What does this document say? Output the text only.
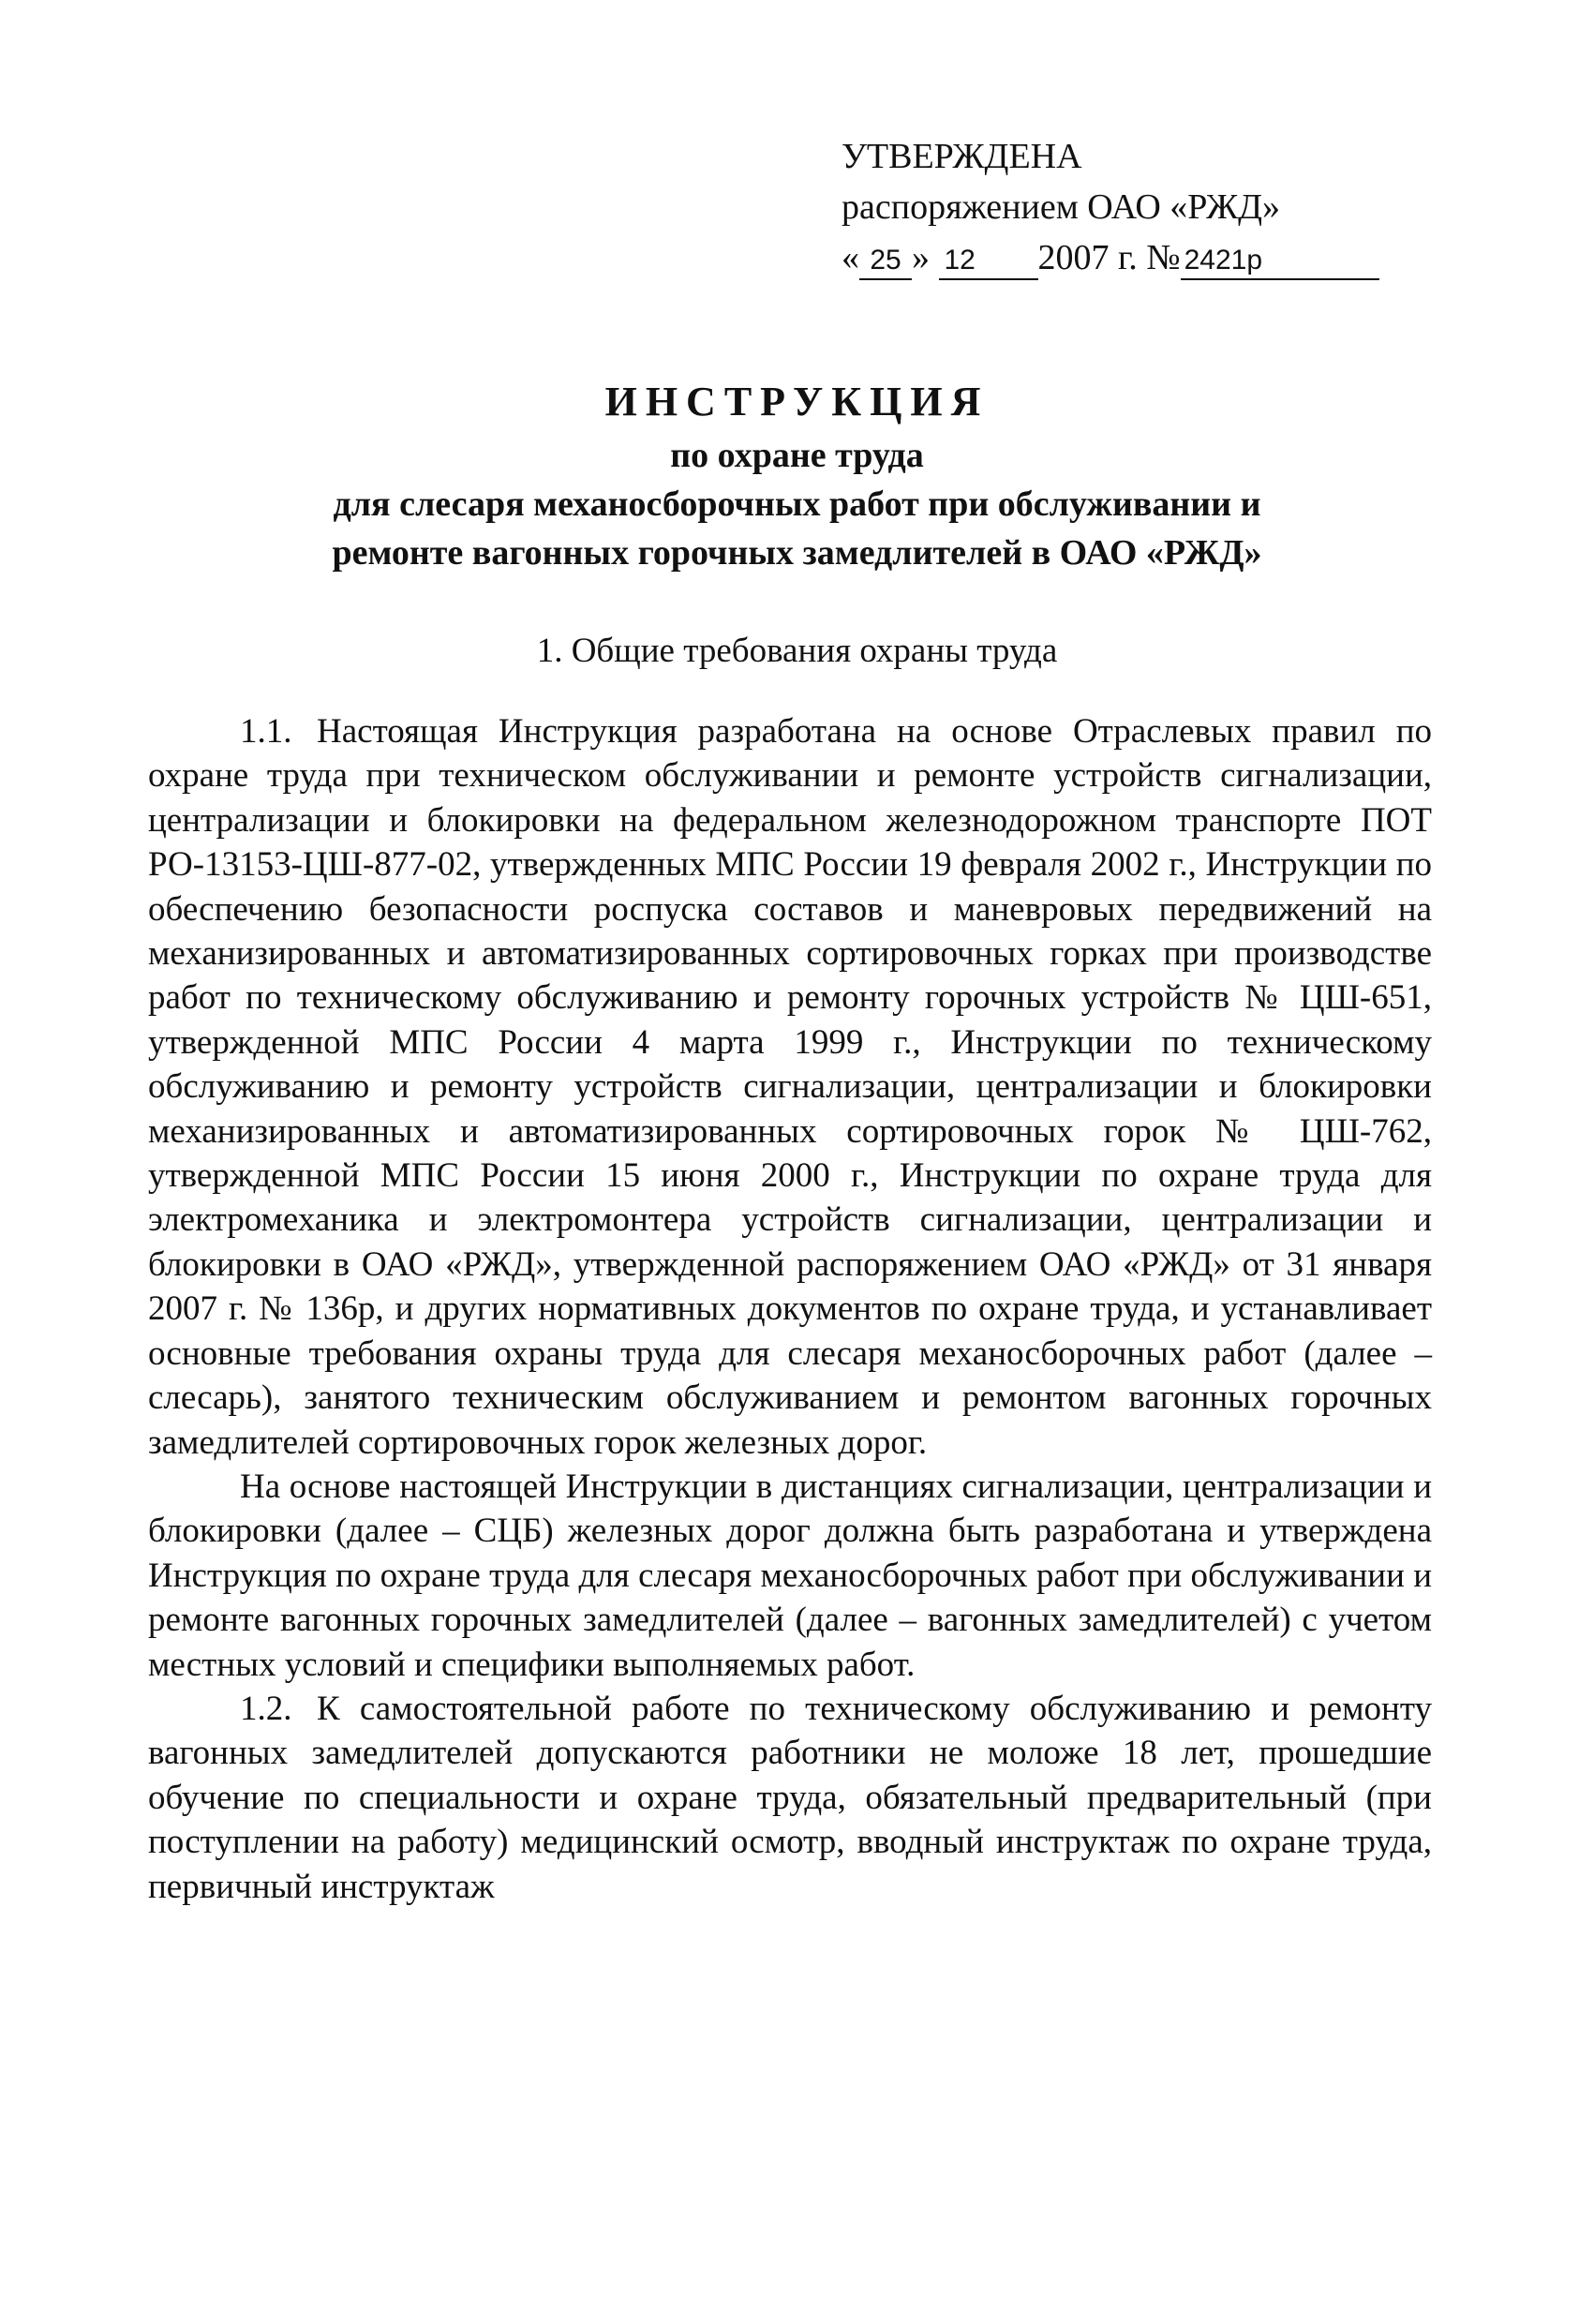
УТВЕРЖДЕНА
распоряжением ОАО «РЖД»
« 25 » 12 2007 г. № 2421р
ИНСТРУКЦИЯ
по охране труда
для слесаря механосборочных работ при обслуживании и
ремонте вагонных горочных замедлителей в ОАО «РЖД»
1. Общие требования охраны труда

1.1. Настоящая Инструкция разработана на основе Отраслевых правил по охране труда при техническом обслуживании и ремонте устройств сигнализации, централизации и блокировки на федеральном железнодорожном транспорте ПОТ РО-13153-ЦШ-877-02, утвержденных МПС России 19 февраля 2002 г., Инструкции по обеспечению безопасности роспуска составов и маневровых передвижений на механизированных и автоматизированных сортировочных горках при производстве работ по техническому обслуживанию и ремонту горочных устройств № ЦШ-651, утвержденной МПС России 4 марта 1999 г., Инструкции по техническому обслуживанию и ремонту устройств сигнализации, централизации и блокировки механизированных и автоматизированных сортировочных горок № ЦШ-762, утвержденной МПС России 15 июня 2000 г., Инструкции по охране труда для электромеханика и электромонтера устройств сигнализации, централизации и блокировки в ОАО «РЖД», утвержденной распоряжением ОАО «РЖД» от 31 января 2007 г. № 136р, и других нормативных документов по охране труда, и устанавливает основные требования охраны труда для слесаря механосборочных работ (далее – слесарь), занятого техническим обслуживанием и ремонтом вагонных горочных замедлителей сортировочных горок железных дорог.

На основе настоящей Инструкции в дистанциях сигнализации, централизации и блокировки (далее – СЦБ) железных дорог должна быть разработана и утверждена Инструкция по охране труда для слесаря механосборочных работ при обслуживании и ремонте вагонных горочных замедлителей (далее – вагонных замедлителей) с учетом местных условий и специфики выполняемых работ.

1.2. К самостоятельной работе по техническому обслуживанию и ремонту вагонных замедлителей допускаются работники не моложе 18 лет, прошедшие обучение по специальности и охране труда, обязательный предварительный (при поступлении на работу) медицинский осмотр, вводный инструктаж по охране труда, первичный инструктаж
